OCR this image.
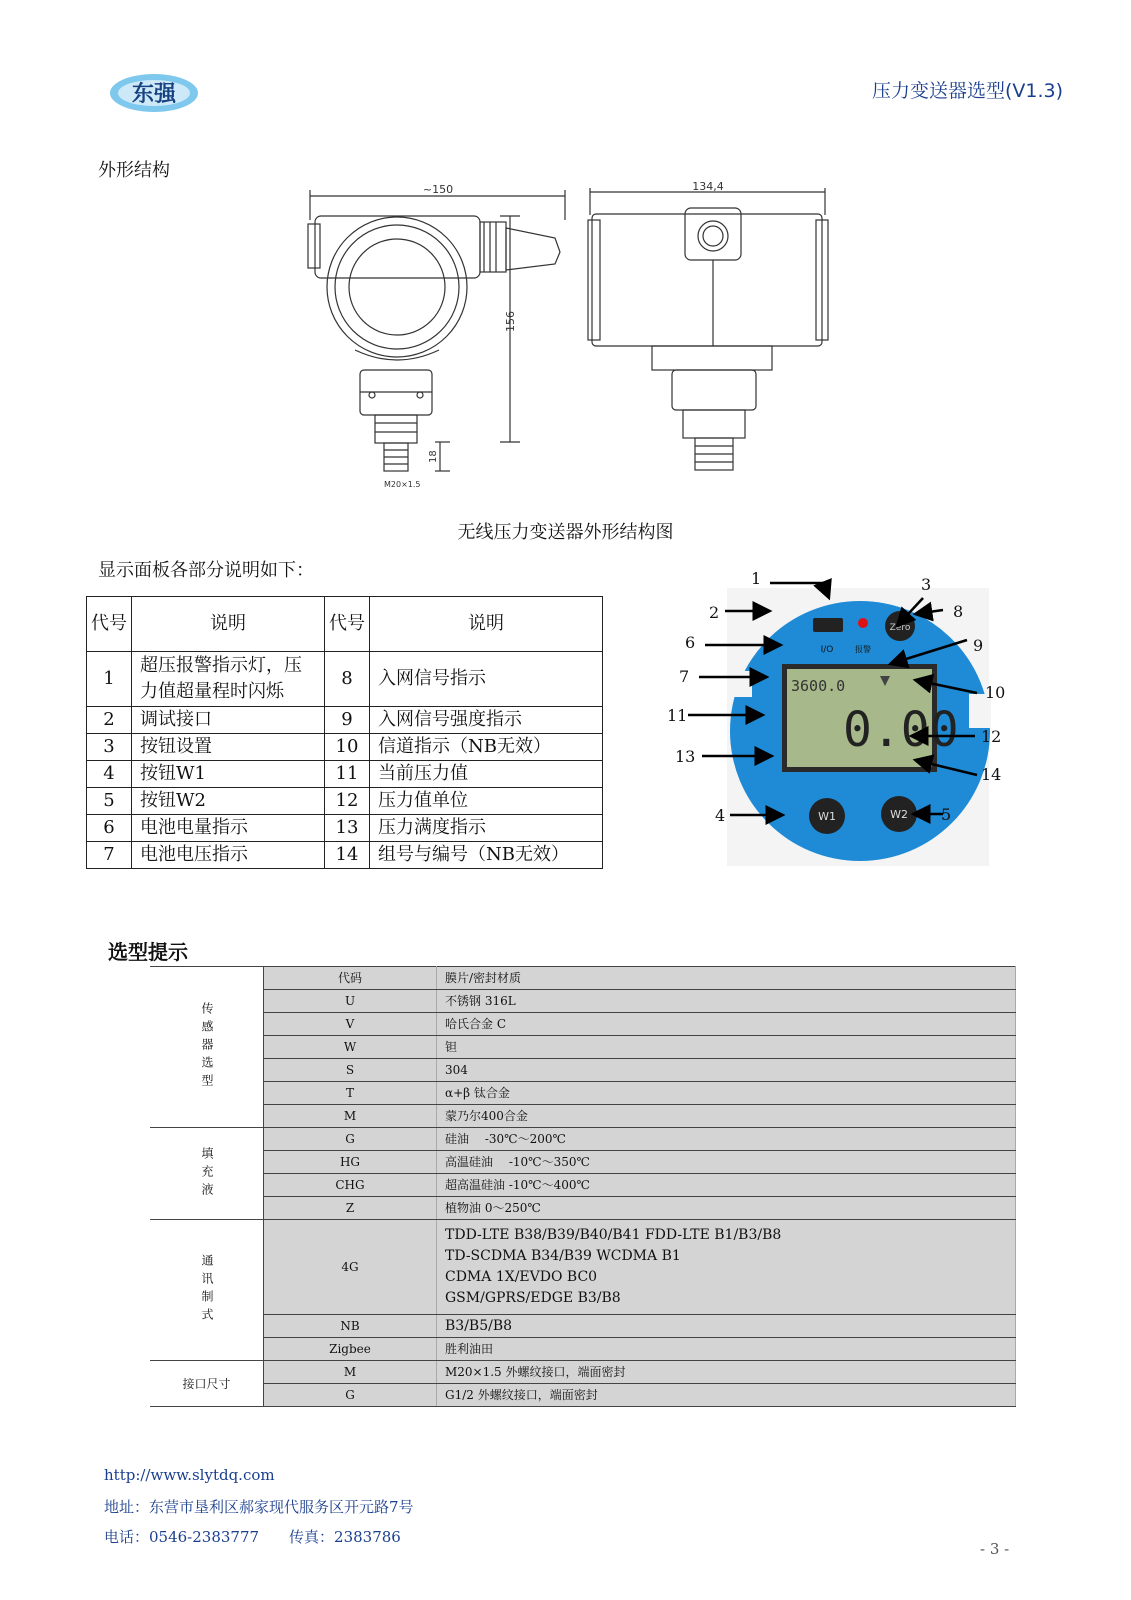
东强	压力变送器选型(V1.3)
外形结构
~150
156
18
M20×1.5
134,4
无线压力变送器外形结构图
显示面板各部分说明如下：
代号	说明	代号	说明
1	超压报警指示灯，压力值超量程时闪烁	8	入网信号指示
2	调试接口	9	入网信号强度指示
3	按钮设置	10	信道指示（NB无效）
4	按钮W1	11	当前压力值
5	按钮W2	12	压力值单位
6	电池电量指示	13	压力满度指示
7	电池电压指示	14	组号与编号（NB无效）
I/O	报警
Zero
3600.0
0.00
W1	W2
1
2
3
4	5
6
7
8
9
10
11
12
13
14
选型提示
传感器选型	代码	膜片/密封材质
	U	不锈钢 316L
	V	哈氏合金 C
	W	钽
	S	304
	T	α+β 钛合金
	M	蒙乃尔400合金
填充液	G	硅油　 -30℃～200℃
	HG	高温硅油　 -10℃～350℃
	CHG	超高温硅油 -10℃～400℃
	Z	植物油 0～250℃
通讯制式	4G	TDD-LTE B38/B39/B40/B41 FDD-LTE B1/B3/B8
TD-SCDMA B34/B39 WCDMA B1
CDMA 1X/EVDO BC0
GSM/GPRS/EDGE B3/B8

	NB	B3/B5/B8
	Zigbee	胜利油田
接口尺寸	M	M20×1.5 外螺纹接口，端面密封
	G	G1/2 外螺纹接口，端面密封
http://www.slytdq.com
地址：东营市垦利区郝家现代服务区开元路7号
电话：0546-2383777　　传真：2383786
- 3 -
